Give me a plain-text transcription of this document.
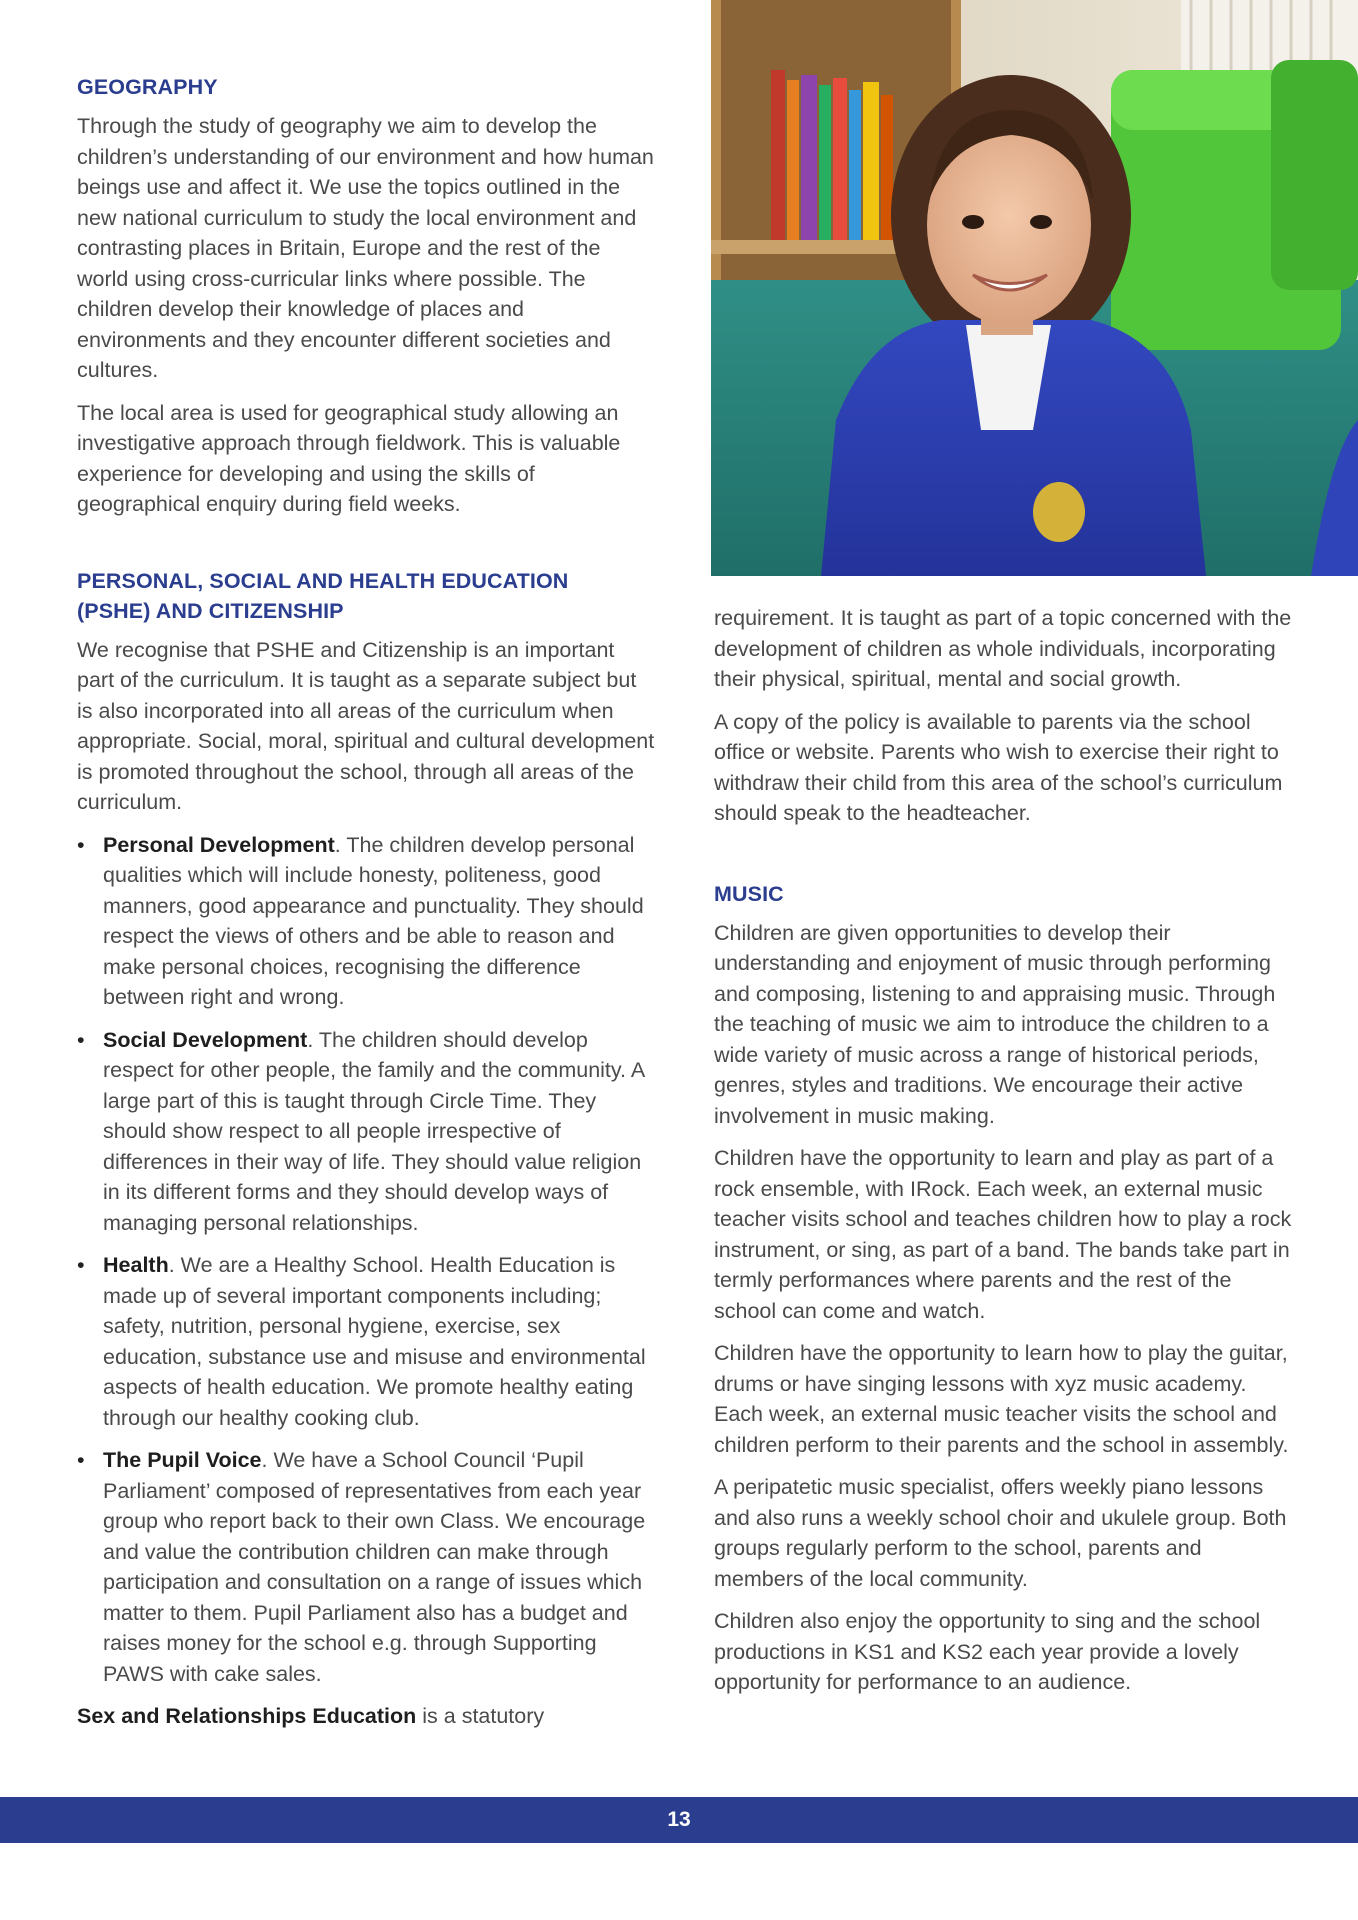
GEOGRAPHY

Through the study of geography we aim to develop the children’s understanding of our environment and how human beings use and affect it. We use the topics outlined in the new national curriculum to study the local environment and contrasting places in Britain, Europe and the rest of the world using cross-curricular links where possible. The children develop their knowledge of places and environments and they encounter different societies and cultures.

The local area is used for geographical study allowing an investigative approach through fieldwork. This is valuable experience for developing and using the skills of geographical enquiry during field weeks.

PERSONAL, SOCIAL AND HEALTH EDUCATION
(PSHE) AND CITIZENSHIP

We recognise that PSHE and Citizenship is an important part of the curriculum. It is taught as a separate subject but is also incorporated into all areas of the curriculum when appropriate. Social, moral, spiritual and cultural development is promoted throughout the school, through all areas of the curriculum.

• Personal Development. The children develop personal qualities which will include honesty, politeness, good manners, good appearance and punctuality. They should respect the views of others and be able to reason and make personal choices, recognising the difference between right and wrong.
• Social Development. The children should develop respect for other people, the family and the community. A large part of this is taught through Circle Time. They should show respect to all people irrespective of differences in their way of life. They should value religion in its different forms and they should develop ways of managing personal relationships.
• Health. We are a Healthy School. Health Education is made up of several important components including; safety, nutrition, personal hygiene, exercise, sex education, substance use and misuse and environmental aspects of health education. We promote healthy eating through our healthy cooking club.
• The Pupil Voice. We have a School Council ‘Pupil Parliament’ composed of representatives from each year group who report back to their own Class. We encourage and value the contribution children can make through participation and consultation on a range of issues which matter to them. Pupil Parliament also has a budget and raises money for the school e.g. through Supporting PAWS with cake sales.

Sex and Relationships Education is a statutory

requirement. It is taught as part of a topic concerned with the development of children as whole individuals, incorporating their physical, spiritual, mental and social growth.

A copy of the policy is available to parents via the school office or website. Parents who wish to exercise their right to withdraw their child from this area of the school’s curriculum should speak to the headteacher.

MUSIC

Children are given opportunities to develop their understanding and enjoyment of music through performing and composing, listening to and appraising music. Through the teaching of music we aim to introduce the children to a wide variety of music across a range of historical periods, genres, styles and traditions. We encourage their active involvement in music making.

Children have the opportunity to learn and play as part of a rock ensemble, with IRock. Each week, an external music teacher visits school and teaches children how to play a rock instrument, or sing, as part of a band. The bands take part in termly performances where parents and the rest of the school can come and watch.

Children have the opportunity to learn how to play the guitar, drums or have singing lessons with xyz music academy. Each week, an external music teacher visits the school and children perform to their parents and the school in assembly.

A peripatetic music specialist, offers weekly piano lessons and also runs a weekly school choir and ukulele group. Both groups regularly perform to the school, parents and members of the local community.

Children also enjoy the opportunity to sing and the school productions in KS1 and KS2 each year provide a lovely opportunity for performance to an audience.

13
